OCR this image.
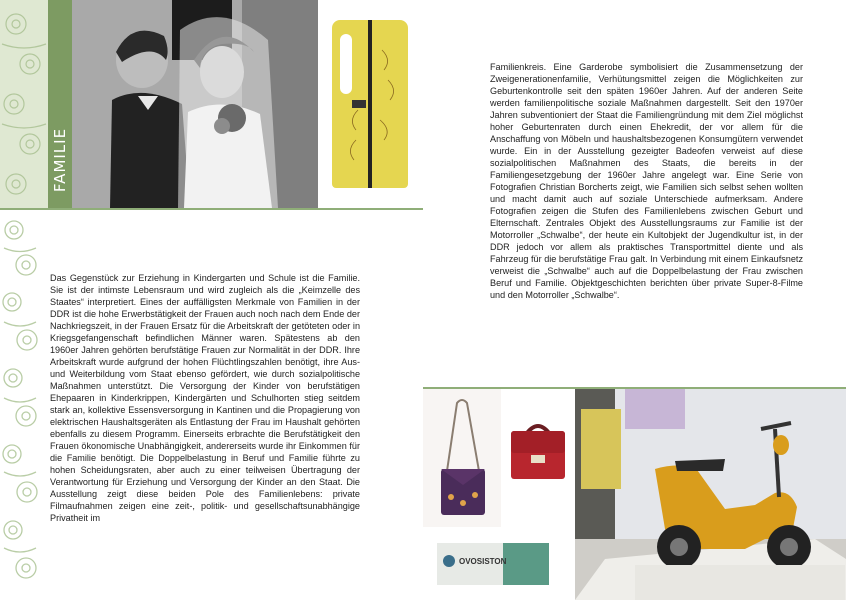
FAMILIE

Das Gegenstück zur Erziehung in Kindergarten und Schule ist die Familie. Sie ist der intimste Lebensraum und wird zugleich als die „Keimzelle des Staates“ interpretiert. Eines der auffälligsten Merkmale von Familien in der DDR ist die hohe Erwerbstätigkeit der Frauen auch noch nach dem Ende der Nachkriegszeit, in der Frauen Ersatz für die Arbeitskraft der getöteten oder in Kriegsgefangenschaft befindlichen Männer waren. Spätestens ab den 1960er Jahren gehörten berufstätige Frauen zur Normalität in der DDR. Ihre Arbeitskraft wurde aufgrund der hohen Flüchtlingszahlen benötigt, ihre Aus- und Weiterbildung vom Staat ebenso gefördert, wie durch sozialpolitische Maßnahmen unterstützt. Die Versorgung der Kinder von berufstätigen Ehepaaren in Kinderkrippen, Kindergärten und Schulhorten stieg seitdem stark an, kollektive Essensversorgung in Kantinen und die Propagierung von elektrischen Haushaltsgeräten als Entlastung der Frau im Haushalt gehörten ebenfalls zu diesem Programm. Einerseits erbrachte die Berufstätigkeit den Frauen ökonomische Unabhängigkeit, andererseits wurde ihr Einkommen für die Familie benötigt. Die Doppelbelastung in Beruf und Familie führte zu hohen Scheidungsraten, aber auch zu einer teilweisen Übertragung der Verantwortung für Erziehung und Versorgung der Kinder an den Staat. Die Ausstellung zeigt diese beiden Pole des Familienlebens: private Filmaufnahmen zeigen eine zeit-, politik- und gesellschaftsunabhängige Privatheit im

Familienkreis. Eine Garderobe symbolisiert die Zusammensetzung der Zweigenerationenfamilie, Verhütungsmittel zeigen die Möglichkeiten zur Geburtenkontrolle seit den späten 1960er Jahren. Auf der anderen Seite werden familienpolitische soziale Maßnahmen dargestellt. Seit den 1970er Jahren subventioniert der Staat die Familiengründung mit dem Ziel möglichst hoher Geburtenraten durch einen Ehekredit, der vor allem für die Anschaffung von Möbeln und haushaltsbezogenen Konsumgütern verwendet wurde. Ein in der Ausstellung gezeigter Badeofen verweist auf diese sozialpolitischen Maßnahmen des Staats, die bereits in der Familiengesetzgebung der 1960er Jahre angelegt war. Eine Serie von Fotografien Christian Borcherts zeigt, wie Familien sich selbst sehen wollten und macht damit auch auf soziale Unterschiede aufmerksam. Andere Fotografien zeigen die Stufen des Familienlebens zwischen Geburt und Elternschaft. Zentrales Objekt des Ausstellungsraums zur Familie ist der Motorroller „Schwalbe“, der heute ein Kultobjekt der Jugendkultur ist, in der DDR jedoch vor allem als praktisches Transportmittel diente und als Fahrzeug für die berufstätige Frau galt. In Verbindung mit einem Einkaufsnetz verweist die „Schwalbe“ auch auf die Doppelbelastung der Frau zwischen Beruf und Familie. Objektgeschichten berichten über private Super-8-Filme und den Motorroller „Schwalbe“.

OVOSISTON
